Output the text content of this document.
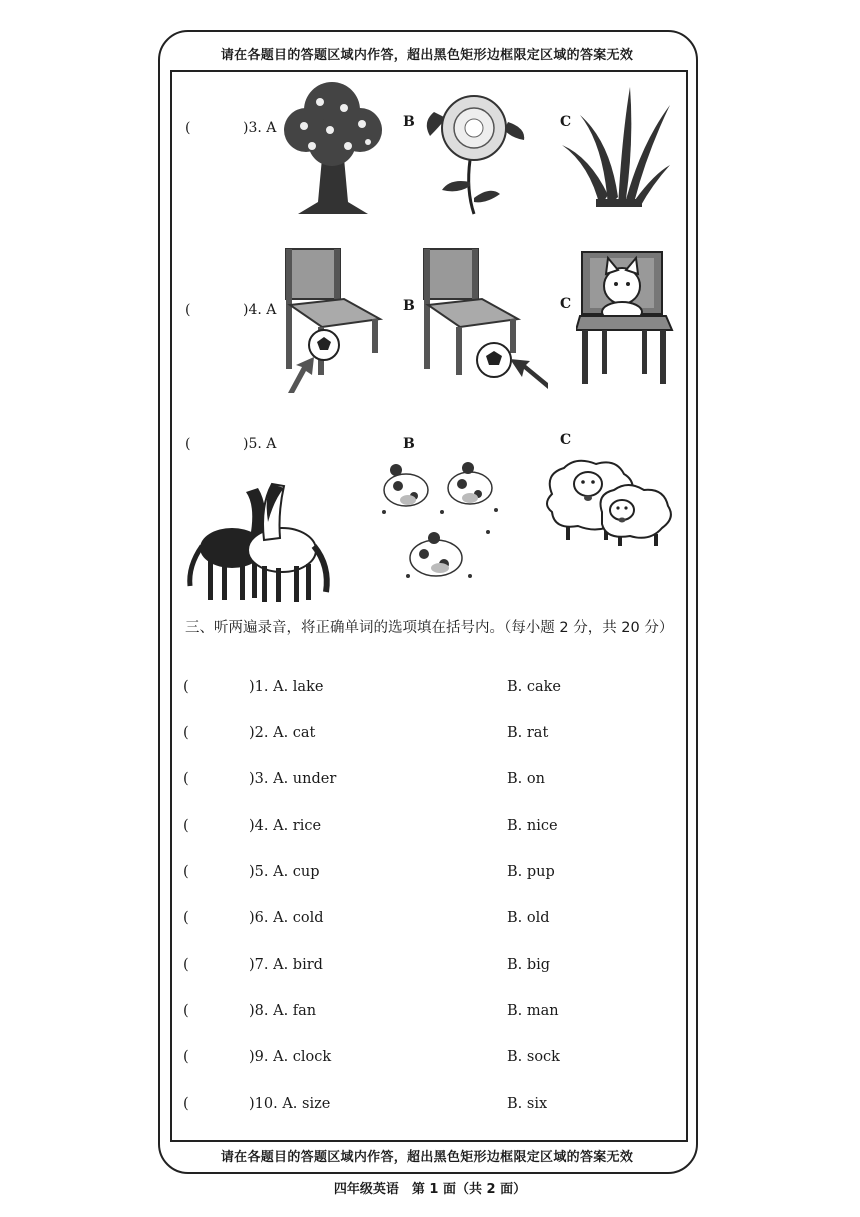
请在各题目的答题区域内作答，超出黑色矩形边框限定区域的答案无效
(	)3. A	B	C
(	)4. A	B	C
(	)5. A	B	C
三、听两遍录音，将正确单词的选项填在括号内。（每小题 2 分，共 20 分）
(	)1. A. lake	B. cake
(	)2. A. cat	B. rat
(	)3. A. under	B. on
(	)4. A. rice	B. nice
(	)5. A. cup	B. pup
(	)6. A. cold	B. old
(	)7. A. bird	B. big
(	)8. A. fan	B. man
(	)9. A. clock	B. sock
(	)10. A. size	B. six
请在各题目的答题区域内作答，超出黑色矩形边框限定区域的答案无效
四年级英语　第 1 面（共 2 面）
